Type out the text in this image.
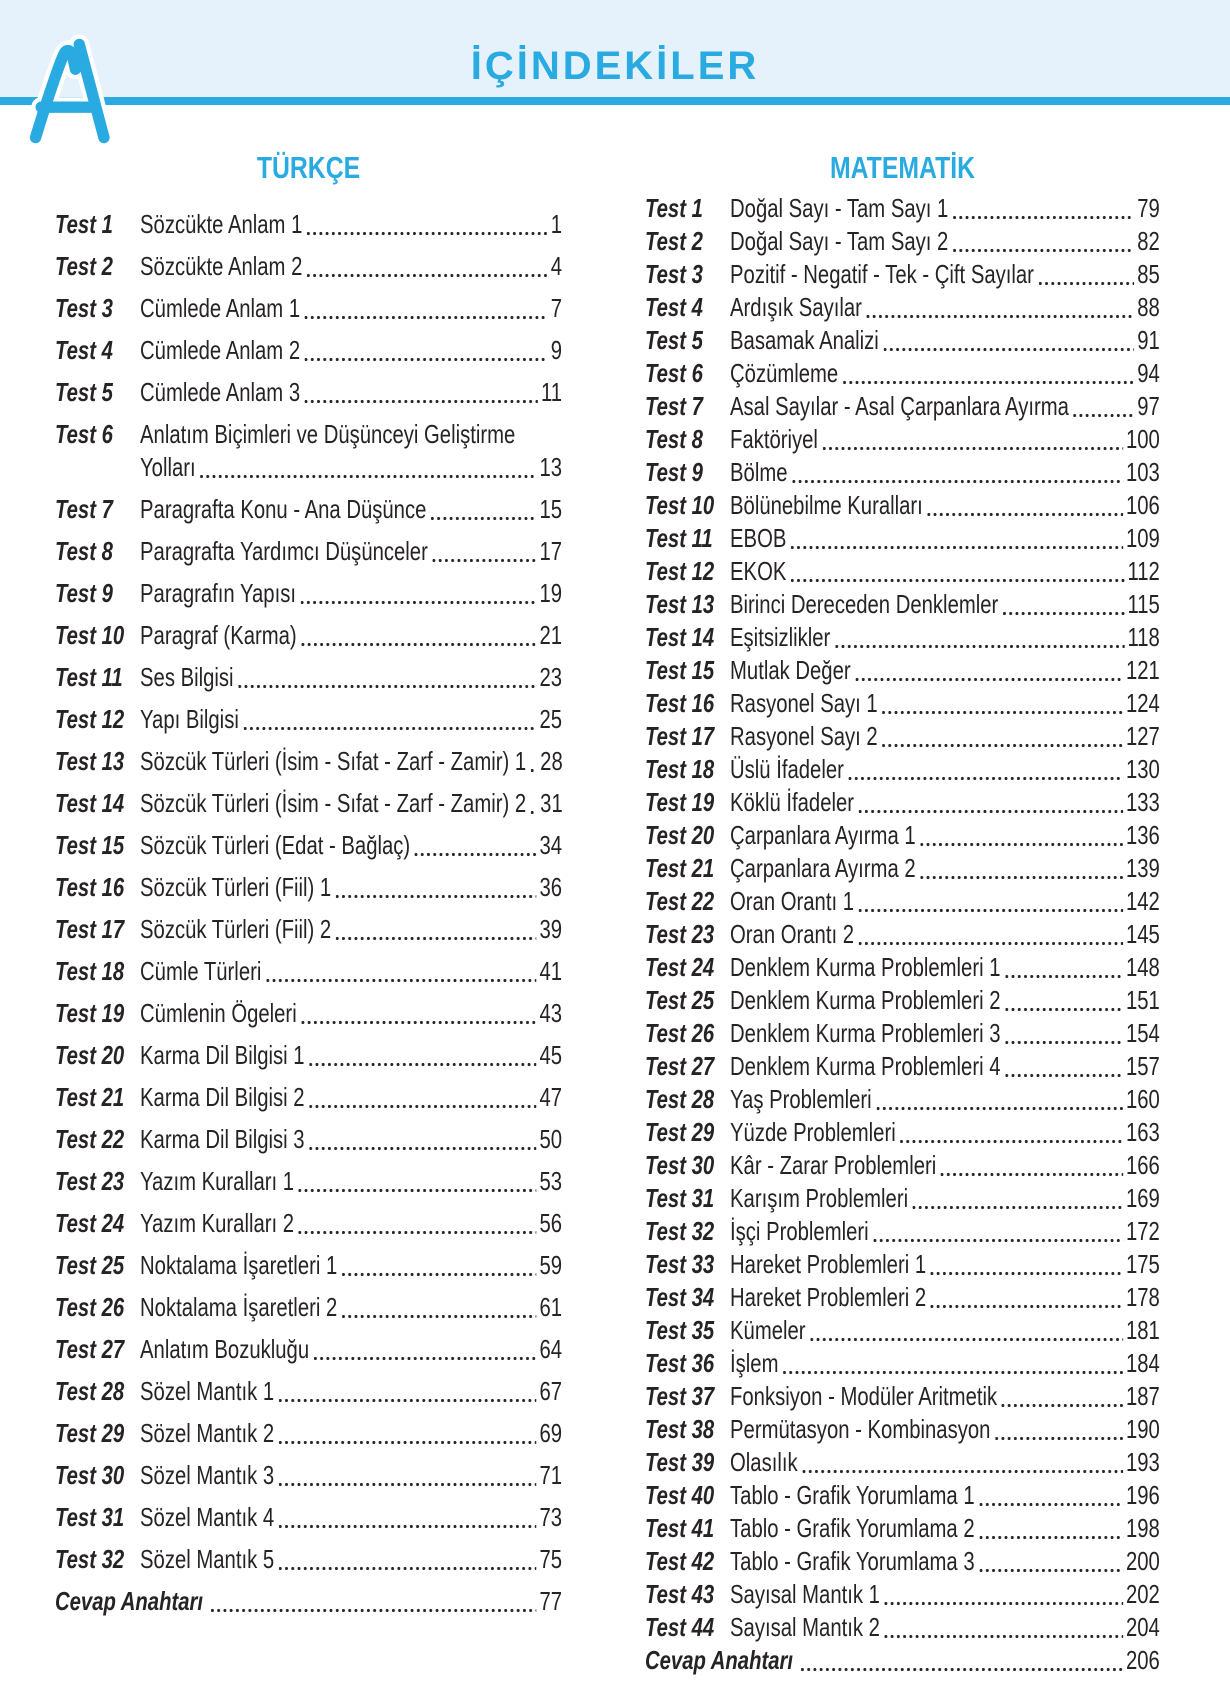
İÇİNDEKİLER
TÜRKÇE
Test 1	Sözcükte Anlam 1	1
Test 2	Sözcükte Anlam 2	4
Test 3	Cümlede Anlam 1	7
Test 4	Cümlede Anlam 2	9
Test 5	Cümlede Anlam 3	11
Test 6	Anlatım Biçimleri ve Düşünceyi Geliştirme
Yolları	13
Test 7	Paragrafta Konu - Ana Düşünce	15
Test 8	Paragrafta Yardımcı Düşünceler	17
Test 9	Paragrafın Yapısı	19
Test 10 Paragraf (Karma)	21
Test 11 Ses Bilgisi	23
Test 12 Yapı Bilgisi	25
Test 13 Sözcük Türleri (İsim - Sıfat - Zarf - Zamir) 1 28
Test 14 Sözcük Türleri (İsim - Sıfat - Zarf - Zamir) 2 31
Test 15 Sözcük Türleri (Edat - Bağlaç)	34
Test 16 Sözcük Türleri (Fiil) 1	36
Test 17 Sözcük Türleri (Fiil) 2	39
Test 18 Cümle Türleri	41
Test 19 Cümlenin Ögeleri	43
Test 20 Karma Dil Bilgisi 1	45
Test 21 Karma Dil Bilgisi 2	47
Test 22 Karma Dil Bilgisi 3	50
Test 23 Yazım Kuralları 1	53
Test 24 Yazım Kuralları 2	56
Test 25 Noktalama İşaretleri 1	59
Test 26 Noktalama İşaretleri 2	61
Test 27 Anlatım Bozukluğu	64
Test 28 Sözel Mantık 1	67
Test 29 Sözel Mantık 2	69
Test 30 Sözel Mantık 3	71
Test 31 Sözel Mantık 4	73
Test 32 Sözel Mantık 5	75
Cevap Anahtarı	77
MATEMATİK
Test 1	Doğal Sayı - Tam Sayı 1	79
Test 2	Doğal Sayı - Tam Sayı 2	82
Test 3	Pozitif - Negatif - Tek - Çift Sayılar	85
Test 4	Ardışık Sayılar	88
Test 5	Basamak Analizi	91
Test 6	Çözümleme	94
Test 7	Asal Sayılar - Asal Çarpanlara Ayırma	97
Test 8	Faktöriyel	100
Test 9	Bölme	103
Test 10 Bölünebilme Kuralları	106
Test 11 EBOB	109
Test 12 EKOK	112
Test 13 Birinci Dereceden Denklemler	115
Test 14 Eşitsizlikler	118
Test 15 Mutlak Değer	121
Test 16 Rasyonel Sayı 1	124
Test 17 Rasyonel Sayı 2	127
Test 18 Üslü İfadeler	130
Test 19 Köklü İfadeler	133
Test 20 Çarpanlara Ayırma 1	136
Test 21 Çarpanlara Ayırma 2	139
Test 22 Oran Orantı 1	142
Test 23 Oran Orantı 2	145
Test 24 Denklem Kurma Problemleri 1	148
Test 25 Denklem Kurma Problemleri 2	151
Test 26 Denklem Kurma Problemleri 3	154
Test 27 Denklem Kurma Problemleri 4	157
Test 28 Yaş Problemleri	160
Test 29 Yüzde Problemleri	163
Test 30 Kâr - Zarar Problemleri	166
Test 31 Karışım Problemleri	169
Test 32 İşçi Problemleri	172
Test 33 Hareket Problemleri 1	175
Test 34 Hareket Problemleri 2	178
Test 35 Kümeler	181
Test 36 İşlem	184
Test 37 Fonksiyon - Modüler Aritmetik	187
Test 38 Permütasyon - Kombinasyon	190
Test 39 Olasılık	193
Test 40 Tablo - Grafik Yorumlama 1	196
Test 41 Tablo - Grafik Yorumlama 2	198
Test 42 Tablo - Grafik Yorumlama 3	200
Test 43 Sayısal Mantık 1	202
Test 44 Sayısal Mantık 2	204
Cevap Anahtarı	206
